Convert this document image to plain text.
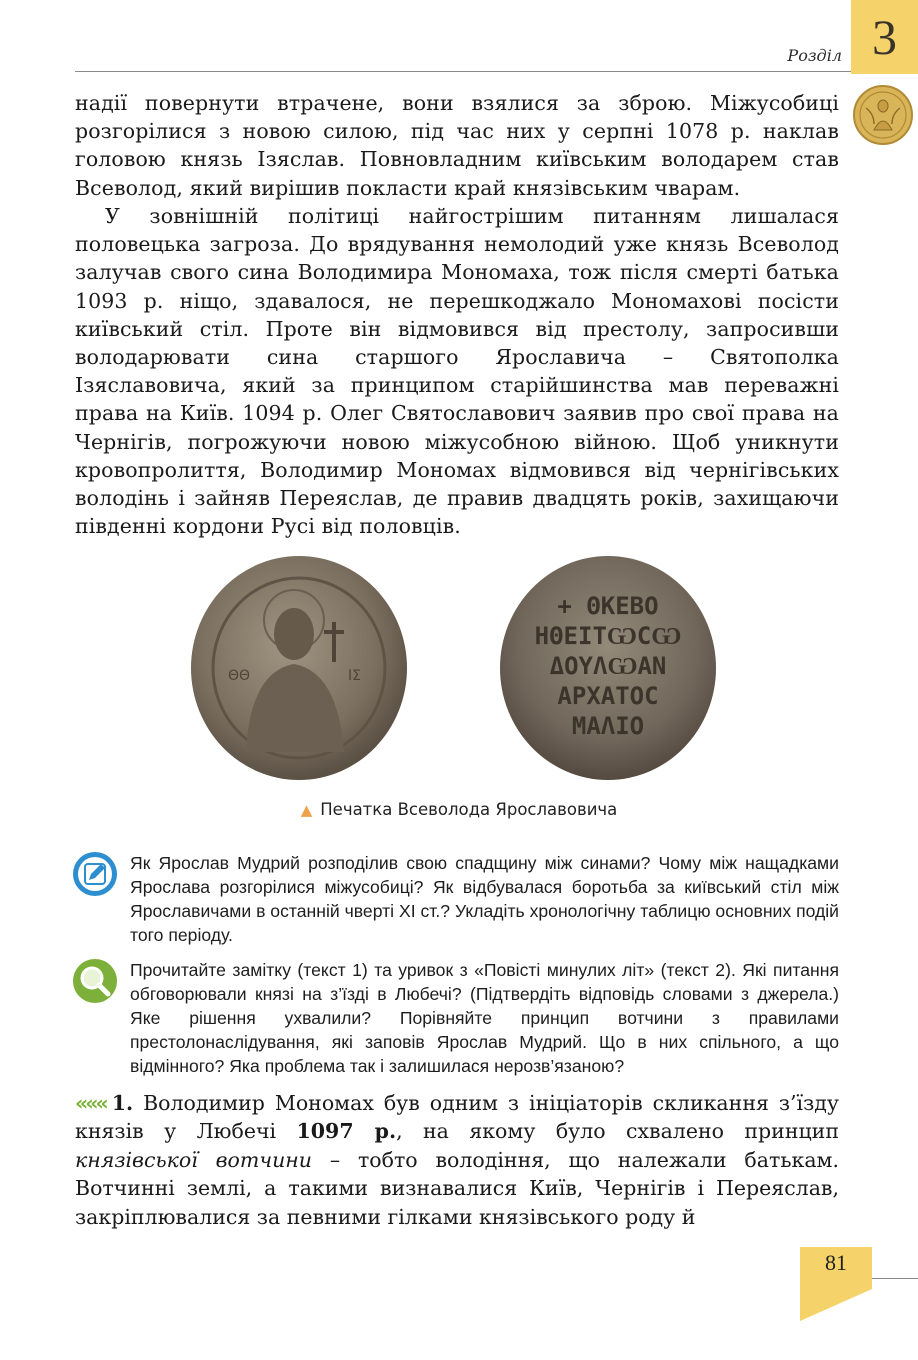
Розділ 3
надії повернути втрачене, вони взялися за зброю. Міжусобиці розгорілися з новою силою, під час них у серпні 1078 р. наклав головою князь Ізяслав. Повновладним київським володарем став Всеволод, який вирішив покласти край князівським чварам.
У зовнішній політиці найгострішим питанням лишалася половецька загроза. До врядування немолодий уже князь Всеволод залучав свого сина Володимира Мономаха, тож після смерті батька 1093 р. ніщо, здавалося, не перешкоджало Мономахові посісти київський стіл. Проте він відмовився від престолу, запросивши володарювати сина старшого Ярославича – Святополка Ізяславовича, який за принципом старійшинства мав переважні права на Київ. 1094 р. Олег Святославович заявив про свої права на Чернігів, погрожуючи новою міжусобною війною. Щоб уникнути кровопролиття, Володимир Мономах відмовився від чернігівських володінь і зайняв Переяслав, де правив двадцять років, захищаючи південні кордони Русі від половців.
ΘΘ	ΙΣ
+ ΘΚΕΒΟ
ΗΘΕΙΤѠСѠ
ΔΟΥΛѠΑΝ
ΑΡΧΑΤΟС
ΜΑΛΙΟ
▲ Печатка Всеволода Ярославовича
Як Ярослав Мудрий розподілив свою спадщину між синами? Чому між нащадками Ярослава розгорілися міжусобиці? Як відбувалася боротьба за київський стіл між Ярославичами в останній чверті ХІ ст.? Укладіть хронологічну таблицю основних подій того періоду.
Прочитайте замітку (текст 1) та уривок з «Повісті минулих літ» (текст 2). Які питання обговорювали князі на з’їзді в Любечі? (Підтвердіть відповідь словами з джерела.) Яке рішення ухвалили? Порівняйте принцип вотчини з правилами престолонаслідування, які заповів Ярослав Мудрий. Що в них спільного, а що відмінного? Яка проблема так і залишилася нерозв’язаною?
««« 1. Володимир Мономах був одним з ініціаторів скликання з’їзду князів у Любечі 1097 р., на якому було схвалено принцип князівської вотчини – тобто володіння, що належали батькам. Вотчинні землі, а такими визнавалися Київ, Чернігів і Переяслав, закріплювалися за певними гілками князівського роду й
81
